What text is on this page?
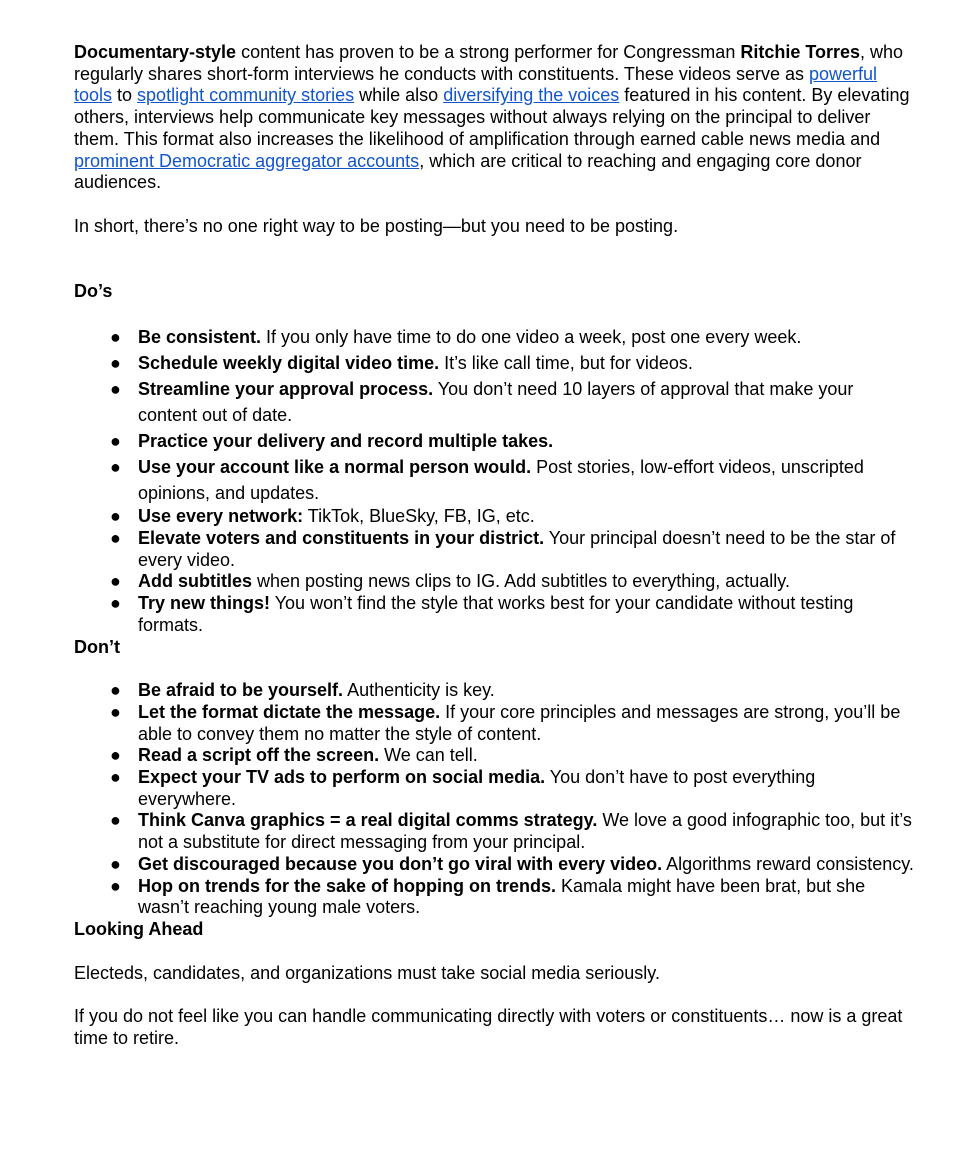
Documentary-style content has proven to be a strong performer for Congressman Ritchie Torres, who regularly shares short-form interviews he conducts with constituents. These videos serve as powerful tools to spotlight community stories while also diversifying the voices featured in his content. By elevating others, interviews help communicate key messages without always relying on the principal to deliver them. This format also increases the likelihood of amplification through earned cable news media and prominent Democratic aggregator accounts, which are critical to reaching and engaging core donor audiences.

In short, there’s no one right way to be posting—but you need to be posting.

Do’s

● Be consistent. If you only have time to do one video a week, post one every week.
● Schedule weekly digital video time. It’s like call time, but for videos.
● Streamline your approval process. You don’t need 10 layers of approval that make your content out of date.
● Practice your delivery and record multiple takes.
● Use your account like a normal person would. Post stories, low-effort videos, unscripted opinions, and updates.
● Use every network: TikTok, BlueSky, FB, IG, etc.
● Elevate voters and constituents in your district. Your principal doesn’t need to be the star of every video.
● Add subtitles when posting news clips to IG. Add subtitles to everything, actually.
● Try new things! You won’t find the style that works best for your candidate without testing formats.

Don’t

● Be afraid to be yourself. Authenticity is key.
● Let the format dictate the message. If your core principles and messages are strong, you’ll be able to convey them no matter the style of content.
● Read a script off the screen. We can tell.
● Expect your TV ads to perform on social media. You don’t have to post everything everywhere.
● Think Canva graphics = a real digital comms strategy. We love a good infographic too, but it’s not a substitute for direct messaging from your principal.
● Get discouraged because you don’t go viral with every video. Algorithms reward consistency.
● Hop on trends for the sake of hopping on trends. Kamala might have been brat, but she wasn’t reaching young male voters.

Looking Ahead

Electeds, candidates, and organizations must take social media seriously.

If you do not feel like you can handle communicating directly with voters or constituents… now is a great time to retire.
